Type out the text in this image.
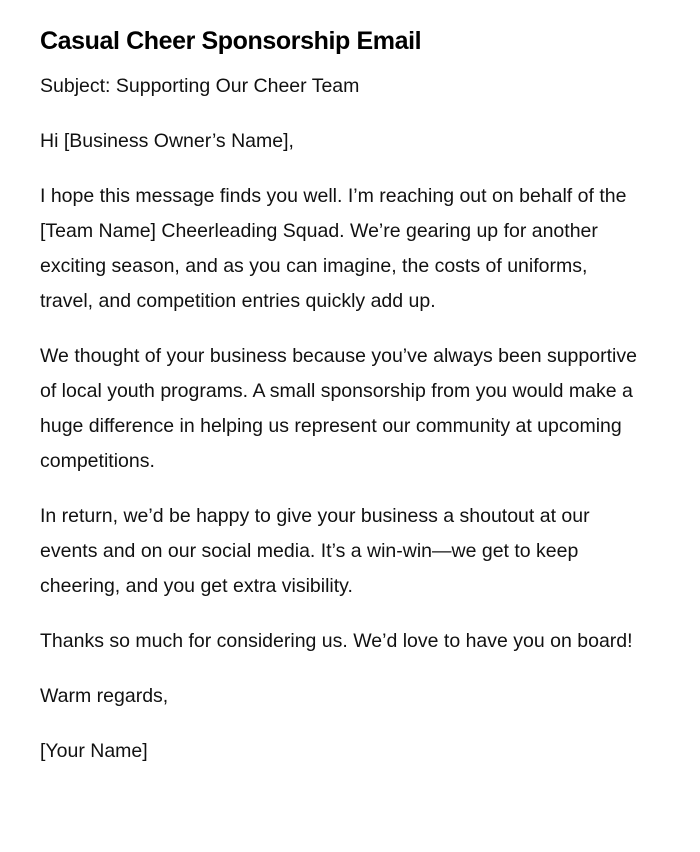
Casual Cheer Sponsorship Email

Subject: Supporting Our Cheer Team

Hi [Business Owner’s Name],

I hope this message finds you well. I’m reaching out on behalf of the [Team Name] Cheerleading Squad. We’re gearing up for another exciting season, and as you can imagine, the costs of uniforms, travel, and competition entries quickly add up.

We thought of your business because you’ve always been supportive of local youth programs. A small sponsorship from you would make a huge difference in helping us represent our community at upcoming competitions.

In return, we’d be happy to give your business a shoutout at our events and on our social media. It’s a win-win—we get to keep cheering, and you get extra visibility.

Thanks so much for considering us. We’d love to have you on board!

Warm regards,

[Your Name]
